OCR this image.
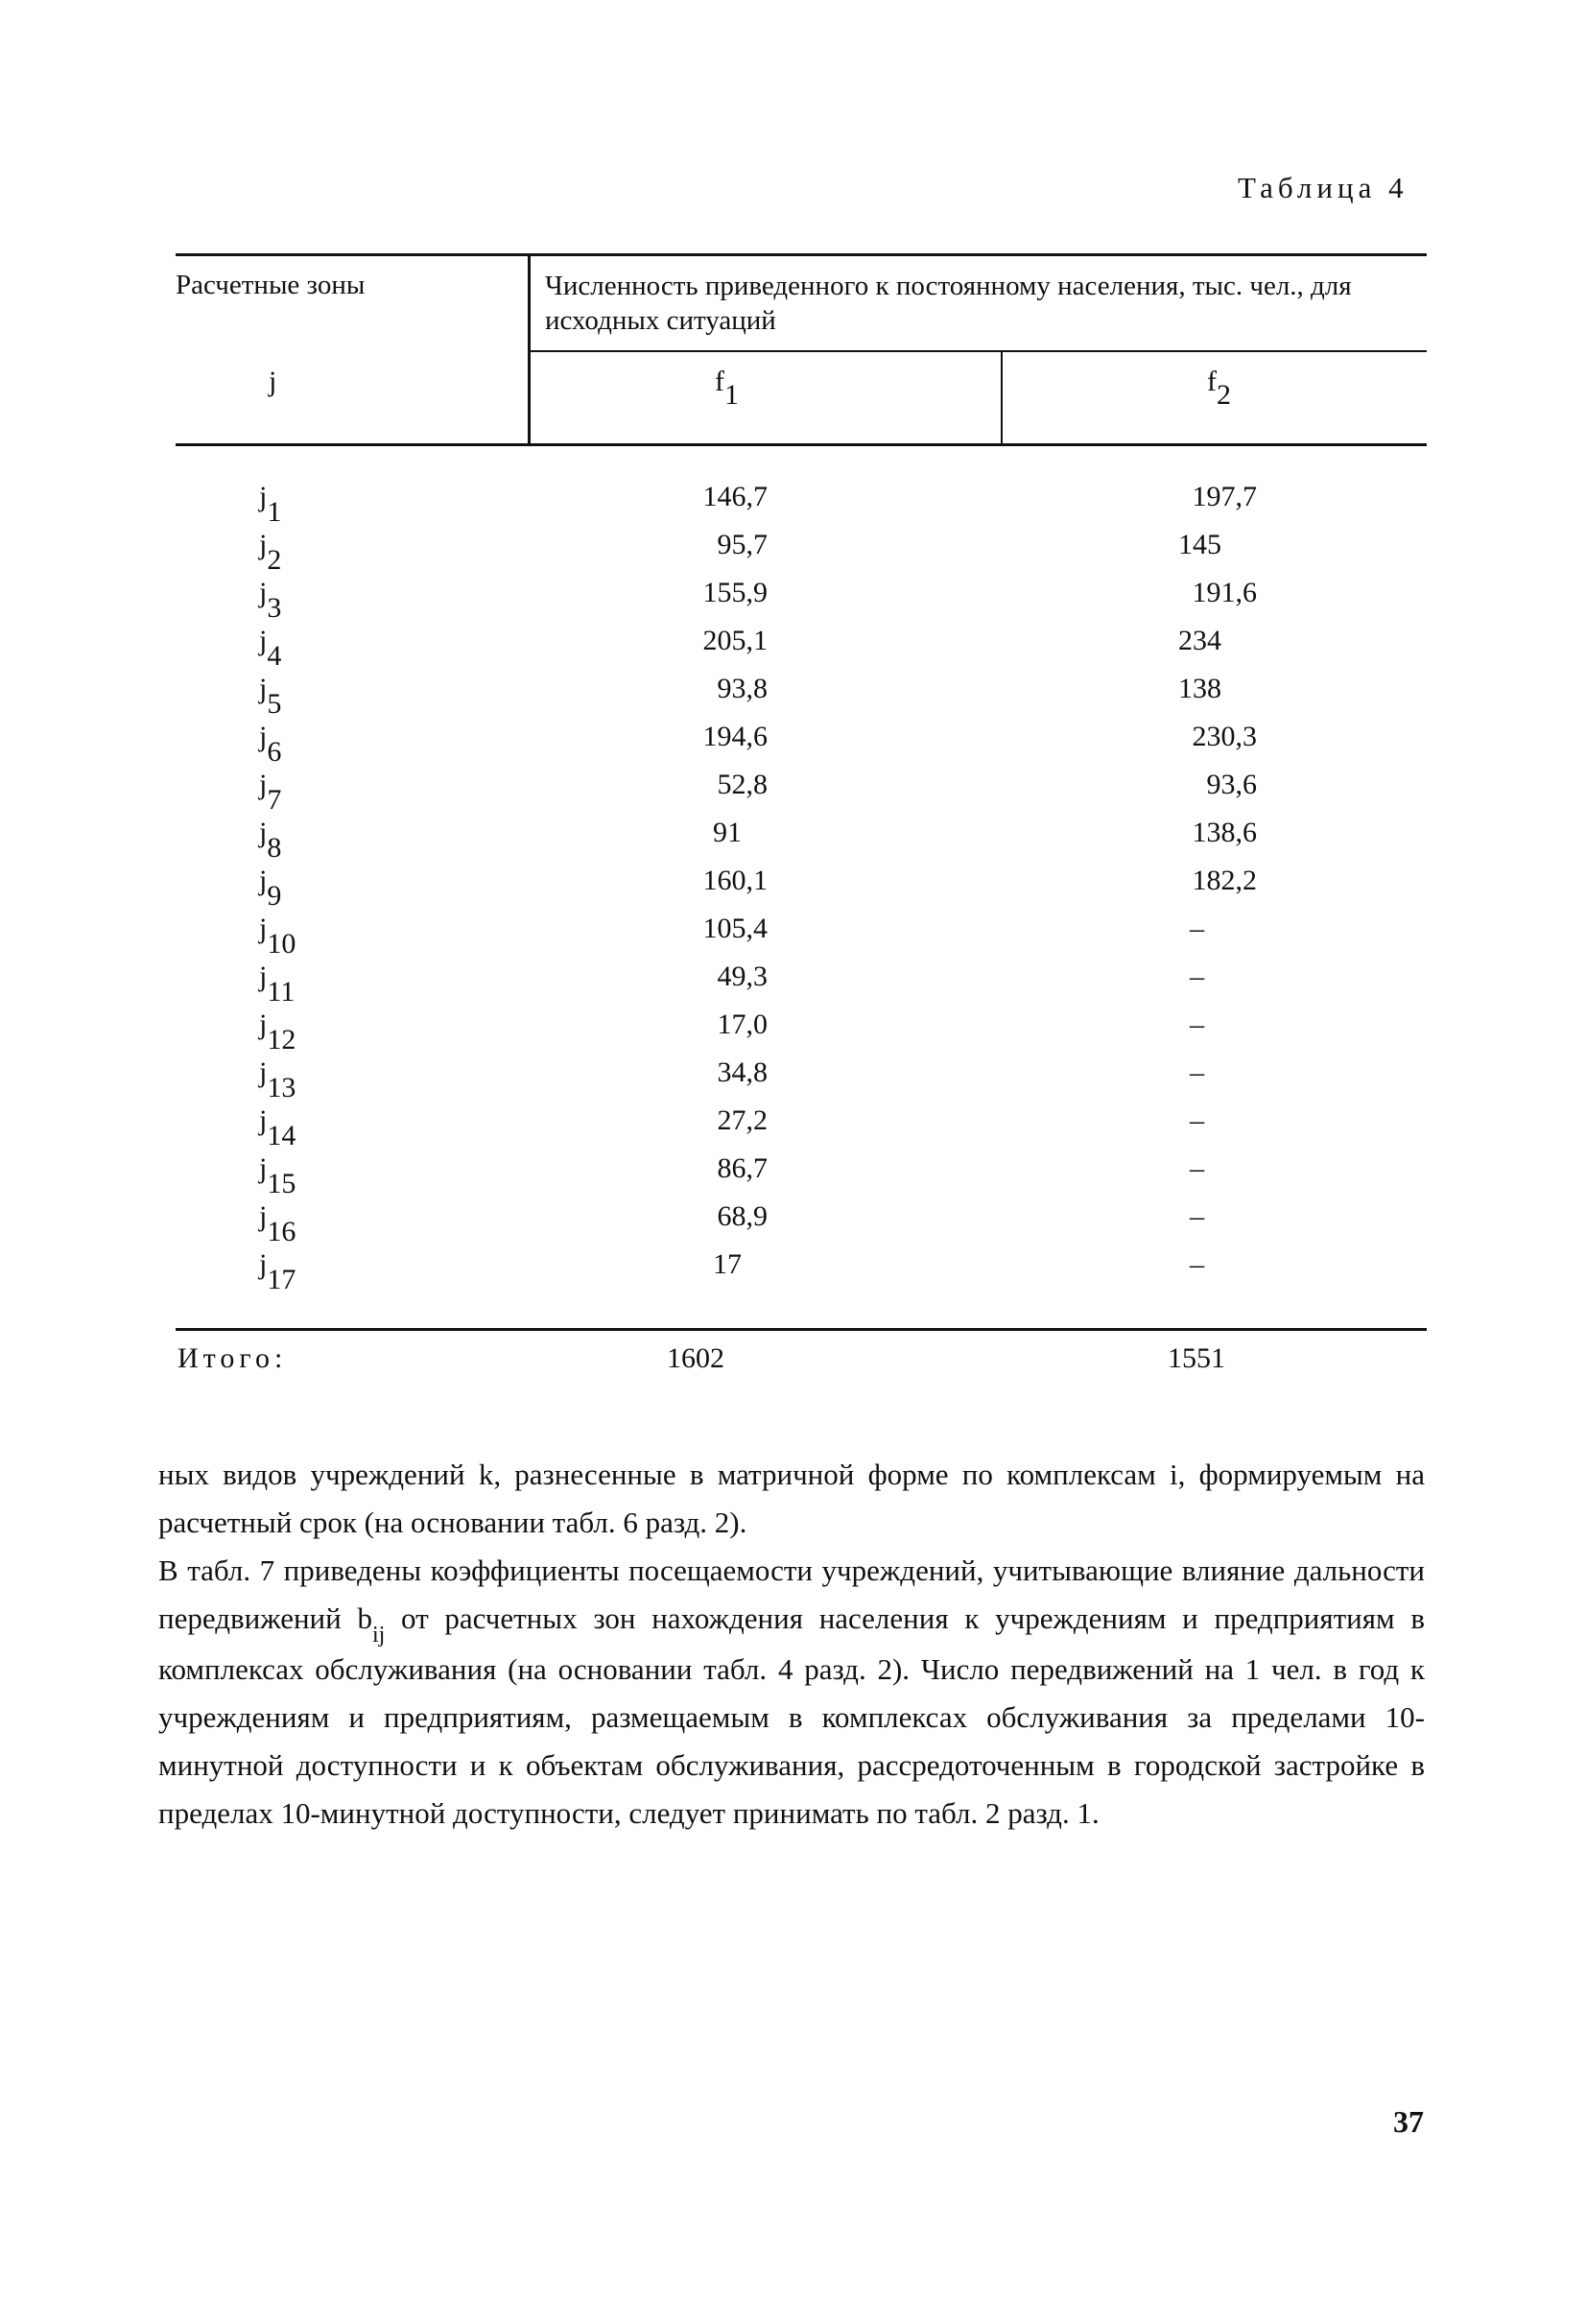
Таблица 4
Расчетные зоны
j
Численность приведенного к постоянному населения, тыс. чел., для исходных ситуаций
$f_1$	$f_2$
$j_1$	146,7	197,7
$j_2$	95,7	145
$j_3$	155,9	191,6
$j_4$	205,1	234
$j_5$	93,8	138
$j_6$	194,6	230,3
$j_7$	52,8	93,6
$j_8$	91	138,6
$j_9$	160,1	182,2
$j_{10}$	105,4	–
$j_{11}$	49,3	–
$j_{12}$	17,0	–
$j_{13}$	34,8	–
$j_{14}$	27,2	–
$j_{15}$	86,7	–
$j_{16}$	68,9	–
$j_{17}$	17	–
Итого:	1602	1551

ных видов учреждений k, разнесенные в матричной форме по комплексам i, формируемым на расчетный срок (на основании табл. 6 разд. 2).

В табл. 7 приведены коэффициенты посещаемости учреждений, учитывающие влияние дальности передвижений $b_{ij}$ от расчетных зон нахождения населения к учреждениям и предприятиям в комплексах обслуживания (на основании табл. 4 разд. 2). Число передвижений на 1 чел. в год к учреждениям и предприятиям, размещаемым в комплексах обслуживания за пределами 10-минутной доступности и к объектам обслуживания, рассредоточенным в городской застройке в пределах 10-минутной доступности, следует принимать по табл. 2 разд. 1.

37
